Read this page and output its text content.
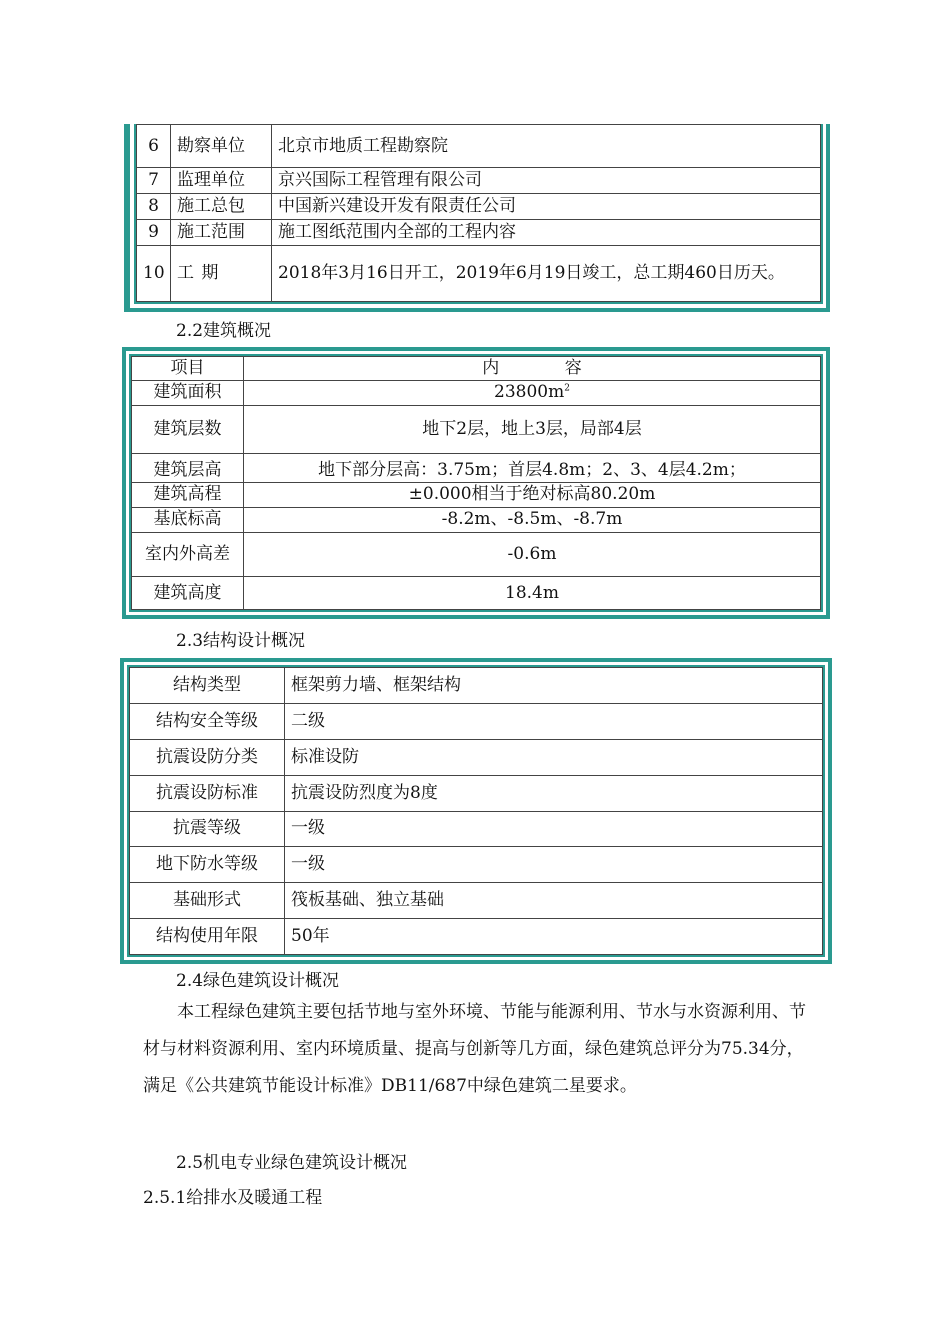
6	勘察单位	北京市地质工程勘察院
7	监理单位	京兴国际工程管理有限公司
8	施工总包	中国新兴建设开发有限责任公司
9	施工范围	施工图纸范围内全部的工程内容
10	工 期	2018年3月16日开工，2019年6月19日竣工，总工期460日历天。
2.2建筑概况
项目	内 容
建筑面积	$23800m^2$
建筑层数	地下2层，地上3层，局部4层
建筑层高	地下部分层高：3.75m；首层4.8m；2、3、4层4.2m；
建筑高程	±0.000相当于绝对标高80.20m
基底标高	-8.2m、-8.5m、-8.7m
室内外高差	-0.6m
建筑高度	18.4m
2.3结构设计概况
结构类型	框架剪力墙、框架结构
结构安全等级	二级
抗震设防分类	标准设防
抗震设防标准	抗震设防烈度为8度
抗震等级	一级
地下防水等级	一级
基础形式	筏板基础、独立基础
结构使用年限	50年
2.4绿色建筑设计概况
本工程绿色建筑主要包括节地与室外环境、节能与能源利用、节水与水资源利用、节材与材料资源利用、室内环境质量、提高与创新等几方面，绿色建筑总评分为75.34分，满足《公共建筑节能设计标准》DB11/687中绿色建筑二星要求。
2.5机电专业绿色建筑设计概况
2.5.1给排水及暖通工程
